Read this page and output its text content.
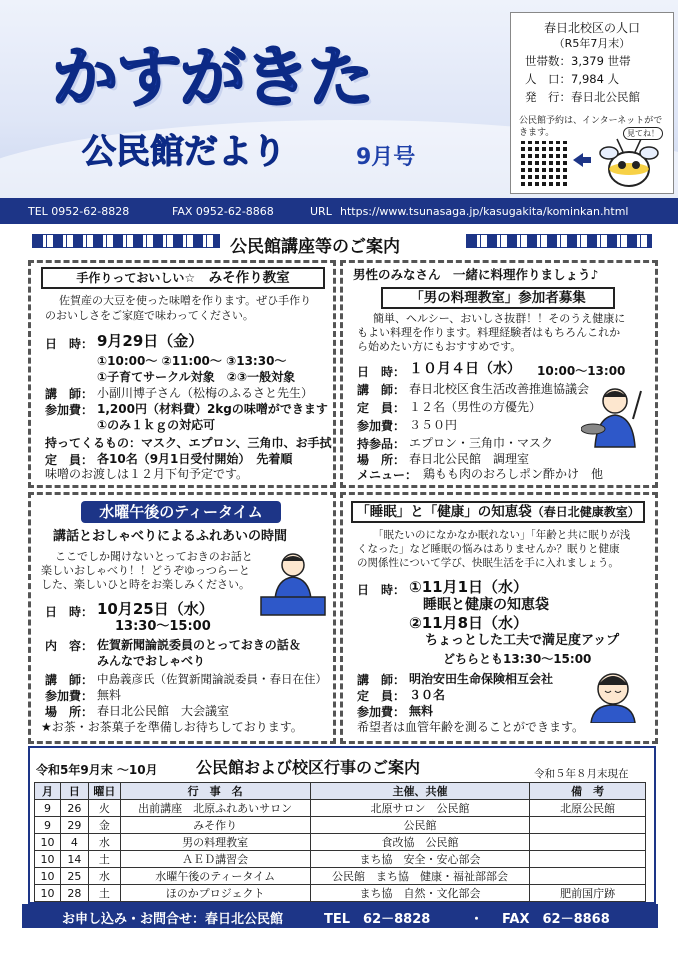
かすがきた
公民館だより	9月号
春日北校区の人口
（R5年7月末）
世帯数：3,379 世帯
人　口：7,984 人
発　行：春日北公民館
公民館予約は、インターネットができます。	見てね！
TEL 0952-62-8828	FAX 0952-62-8868	URL https://www.tsunasaga.jp/kasugakita/kominkan.html
公民館講座等のご案内
手作りっておいしい☆　 みそ作り教室
佐賀産の大豆を使った味噌を作ります。ぜひ手作り
のおいしさをご家庭で味わってください。
日　時： 9月29日（金）
①10:00～ ②11:00～ ③13:30～
①子育てサークル対象　②③一般対象
講　師： 小副川博子さん（松梅のふるさと先生）
参加費： 1,200円（材料費）2kgの味噌ができます
①のみ１ｋｇの対応可
持ってくるもの：マスク、エプロン、三角巾、お手拭
定　員： 各10名（9月1日受付開始）　先着順
味噌のお渡しは１２月下旬予定です。
男性のみなさん　一緒に料理作りましょう♪
「男の料理教室」参加者募集
簡単、ヘルシー、おいしさ抜群！！そのうえ健康に
もよい料理を作ります。料理経験者はもちろんこれか
ら始めたい方にもおすすめです。
日　時： １０月４日（水） 10:00～13:00
講　師： 春日北校区食生活改善推進協議会
定　員： １２名（男性の方優先）
参加費： ３５０円
持参品： エプロン・三角巾・マスク
場　所： 春日北公民館　調理室
メニュー： 鶏もも肉のおろしポン酢かけ　他
水曜午後のティータイム
講話とおしゃべりによるふれあいの時間
ここでしか聞けないとっておきのお話と
楽しいおしゃべり！！どうぞゆっつらーと
した、楽しいひと時をお楽しみください。
日　時： 10月25日（水）
13:30～15:00
内　容： 佐賀新聞論説委員のとっておきの話＆
みんなでおしゃべり
講　師： 中島義彦氏（佐賀新聞論説委員・春日在住）
参加費： 無料
場　所： 春日北公民館　大会議室
★お茶・お茶菓子を準備しお待ちしております。
「睡眠」と「健康」の知恵袋（春日北健康教室）
「眠たいのになかなか眠れない」「年齢と共に眠りが浅
くなった」など睡眠の悩みはありませんか？眠りと健康
の関係性について学び、快眠生活を手に入れましょう。
日　時： ①11月1日（水）
睡眠と健康の知恵袋
②11月8日（水）
ちょっとした工夫で満足度アップ
どちらとも13:30～15:00
講　師： 明治安田生命保険相互会社
定　員： ３０名
参加費： 無料
希望者は血管年齢を測ることができます。
令和5年9月末 ～10月 公民館および校区行事のご案内	令和５年８月末現在
月	日	曜日	行　事　名	主催、共催	備　考
9	26	火	出前講座　北原ふれあいサロン	北原サロン　公民館	北原公民館
9	29	金	みそ作り	公民館	
10	4	水	男の料理教室	食改協　公民館	
10	14	土	ＡＥＤ講習会	まち協　安全・安心部会	
10	25	水	水曜午後のティータイム	公民館　まち協　健康・福祉部部会	
10	28	土	ほのかプロジェクト	まち協　自然・文化部会	肥前国庁跡
お申し込み・お問合せ：春日北公民館	TEL　62－8828	・ FAX　62－8868
